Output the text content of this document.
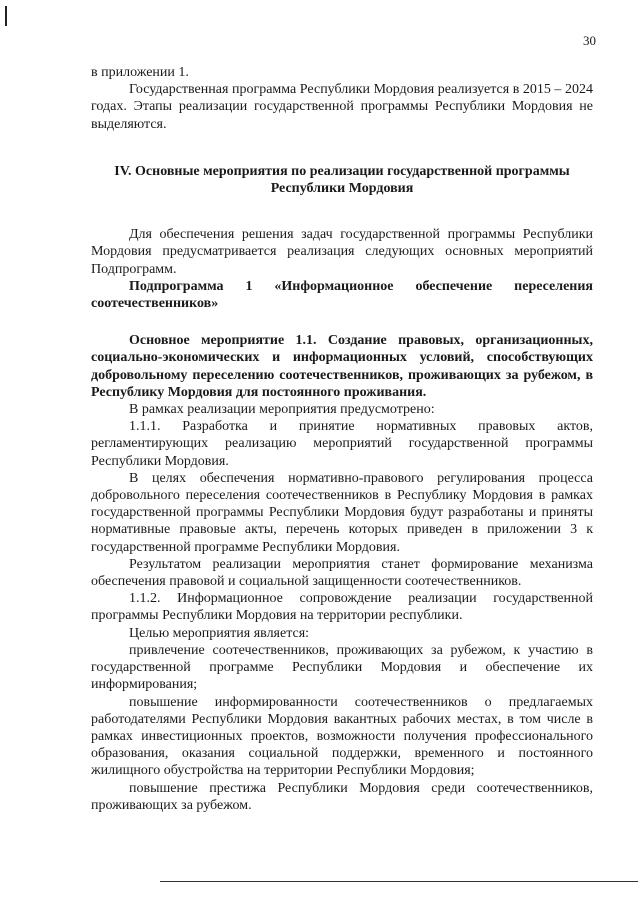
30

в приложении 1.

Государственная программа Республики Мордовия реализуется в 2015 – 2024 годах. Этапы реализации государственной программы Республики Мордовия не выделяются.

IV. Основные мероприятия по реализации государственной программы Республики Мордовия

Для обеспечения решения задач государственной программы Республики Мордовия предусматривается реализация следующих основных мероприятий Подпрограмм.

Подпрограмма 1 «Информационное обеспечение переселения соотечественников»

Основное мероприятие 1.1. Создание правовых, организационных, социально-экономических и информационных условий, способствующих добровольному переселению соотечественников, проживающих за рубежом, в Республику Мордовия для постоянного проживания.

В рамках реализации мероприятия предусмотрено:

1.1.1. Разработка и принятие нормативных правовых актов, регламентирующих реализацию мероприятий государственной программы Республики Мордовия.

В целях обеспечения нормативно-правового регулирования процесса добровольного переселения соотечественников в Республику Мордовия в рамках государственной программы Республики Мордовия будут разработаны и приняты нормативные правовые акты, перечень которых приведен в приложении 3 к государственной программе Республики Мордовия.

Результатом реализации мероприятия станет формирование механизма обеспечения правовой и социальной защищенности соотечественников.

1.1.2. Информационное сопровождение реализации государственной программы Республики Мордовия на территории республики.

Целью мероприятия является:

привлечение соотечественников, проживающих за рубежом, к участию в государственной программе Республики Мордовия и обеспечение их информирования;

повышение информированности соотечественников о предлагаемых работодателями Республики Мордовия вакантных рабочих местах, в том числе в рамках инвестиционных проектов, возможности получения профессионального образования, оказания социальной поддержки, временного и постоянного жилищного обустройства на территории Республики Мордовия;

повышение престижа Республики Мордовия среди соотечественников, проживающих за рубежом.
